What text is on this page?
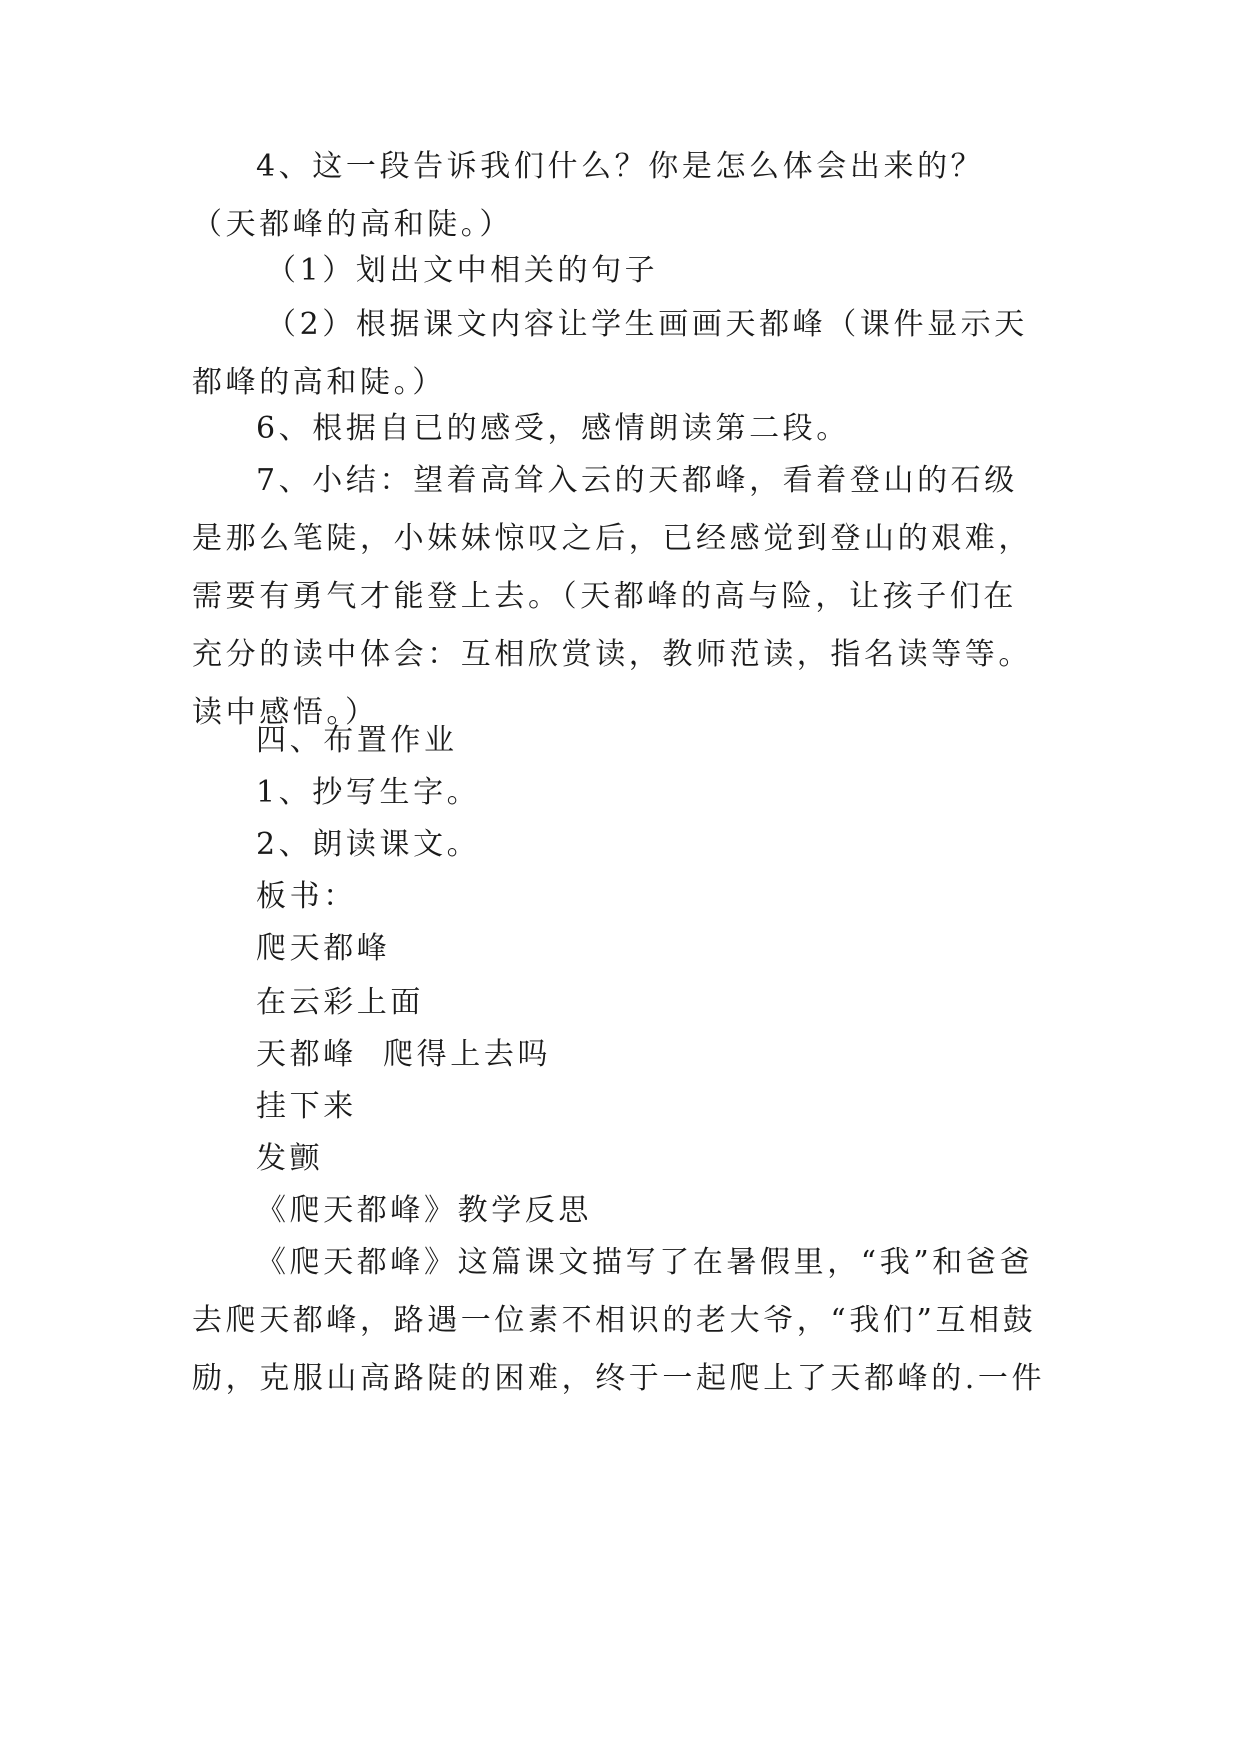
4、这一段告诉我们什么？你是怎么体会出来的？（天都峰的高和陡。）

（1）划出文中相关的句子

（2）根据课文内容让学生画画天都峰（课件显示天都峰的高和陡。）

6、根据自已的感受，感情朗读第二段。

7、小结：望着高耸入云的天都峰，看着登山的石级是那么笔陡，小妹妹惊叹之后，已经感觉到登山的艰难，需要有勇气才能登上去。（天都峰的高与险，让孩子们在充分的读中体会：互相欣赏读，教师范读，指名读等等。读中感悟。）

四、布置作业

1、抄写生字。

2、朗读课文。

板书：

爬天都峰

在云彩上面

天都峰  爬得上去吗

挂下来

发颤

《爬天都峰》教学反思

《爬天都峰》这篇课文描写了在暑假里，“我”和爸爸去爬天都峰，路遇一位素不相识的老大爷，“我们”互相鼓励，克服山高路陡的困难，终于一起爬上了天都峰的.一件
